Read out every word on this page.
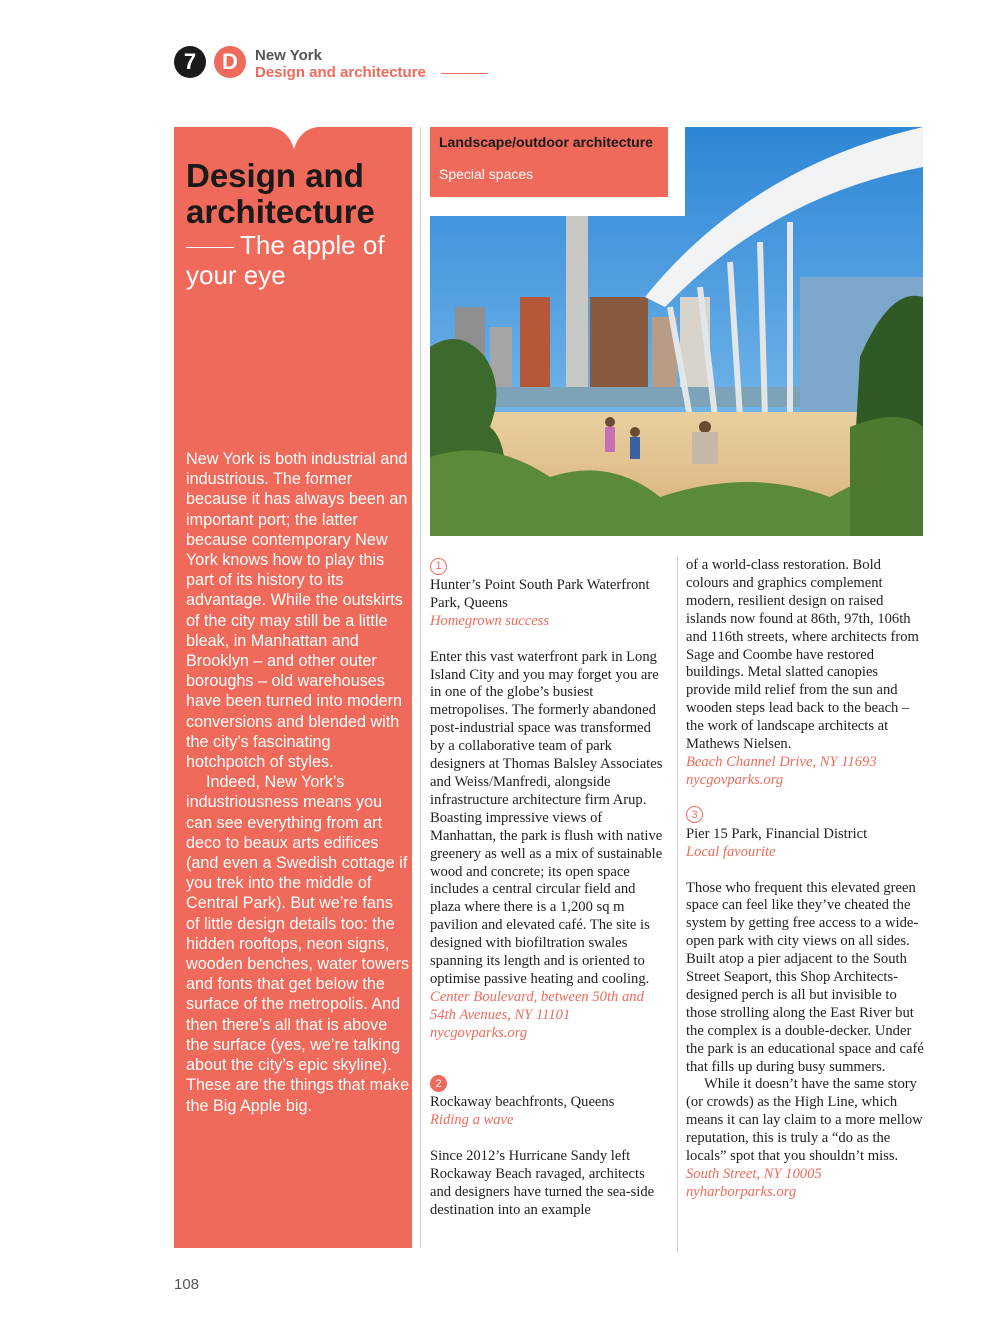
7	D	New York
Design and architecture
Design and architecture
The apple of your eye

New York is both industrial and industrious. The former because it has always been an important port; the latter because contemporary New York knows how to play this part of its history to its advantage. While the outskirts of the city may still be a little bleak, in Manhattan and Brooklyn – and other outer boroughs – old warehouses have been turned into modern conversions and blended with the city’s fascinating hotchpotch of styles.

Indeed, New York’s industriousness means you can see everything from art deco to beaux arts edifices (and even a Swedish cottage if you trek into the middle of Central Park). But we’re fans of little design details too: the hidden rooftops, neon signs, wooden benches, water towers and fonts that get below the surface of the metropolis. And then there’s all that is above the surface (yes, we’re talking about the city’s epic skyline). These are the things that make the Big Apple big.

Landscape/outdoor architecture
Special spaces
1

Hunter’s Point South Park Waterfront Park, Queens

Homegrown success

Enter this vast waterfront park in Long Island City and you may forget you are in one of the globe’s busiest metropolises. The formerly abandoned post-industrial space was transformed by a collaborative team of park designers at Thomas Balsley Associates and Weiss/Manfredi, alongside infrastructure architecture firm Arup. Boasting impressive views of Manhattan, the park is flush with native greenery as well as a mix of sustainable wood and concrete; its open space includes a central circular field and plaza where there is a 1,200 sq m pavilion and elevated café. The site is designed with biofiltration swales spanning its length and is oriented to optimise passive heating and cooling.

Center Boulevard, between 50th and 54th Avenues, NY 11101

nycgovparks.org

2

Rockaway beachfronts, Queens

Riding a wave

Since 2012’s Hurricane Sandy left Rockaway Beach ravaged, architects and designers have turned the sea-side destination into an example

of a world-class restoration. Bold colours and graphics complement modern, resilient design on raised islands now found at 86th, 97th, 106th and 116th streets, where architects from Sage and Coombe have restored buildings. Metal slatted canopies provide mild relief from the sun and wooden steps lead back to the beach – the work of landscape architects at Mathews Nielsen.

Beach Channel Drive, NY 11693

nycgovparks.org

3

Pier 15 Park, Financial District

Local favourite

Those who frequent this elevated green space can feel like they’ve cheated the system by getting free access to a wide-open park with city views on all sides. Built atop a pier adjacent to the South Street Seaport, this Shop Architects-designed perch is all but invisible to those strolling along the East River but the complex is a double-decker. Under the park is an educational space and café that fills up during busy summers.

While it doesn’t have the same story (or crowds) as the High Line, which means it can lay claim to a more mellow reputation, this is truly a “do as the locals” spot that you shouldn’t miss.

South Street, NY 10005

nyharborparks.org

108
